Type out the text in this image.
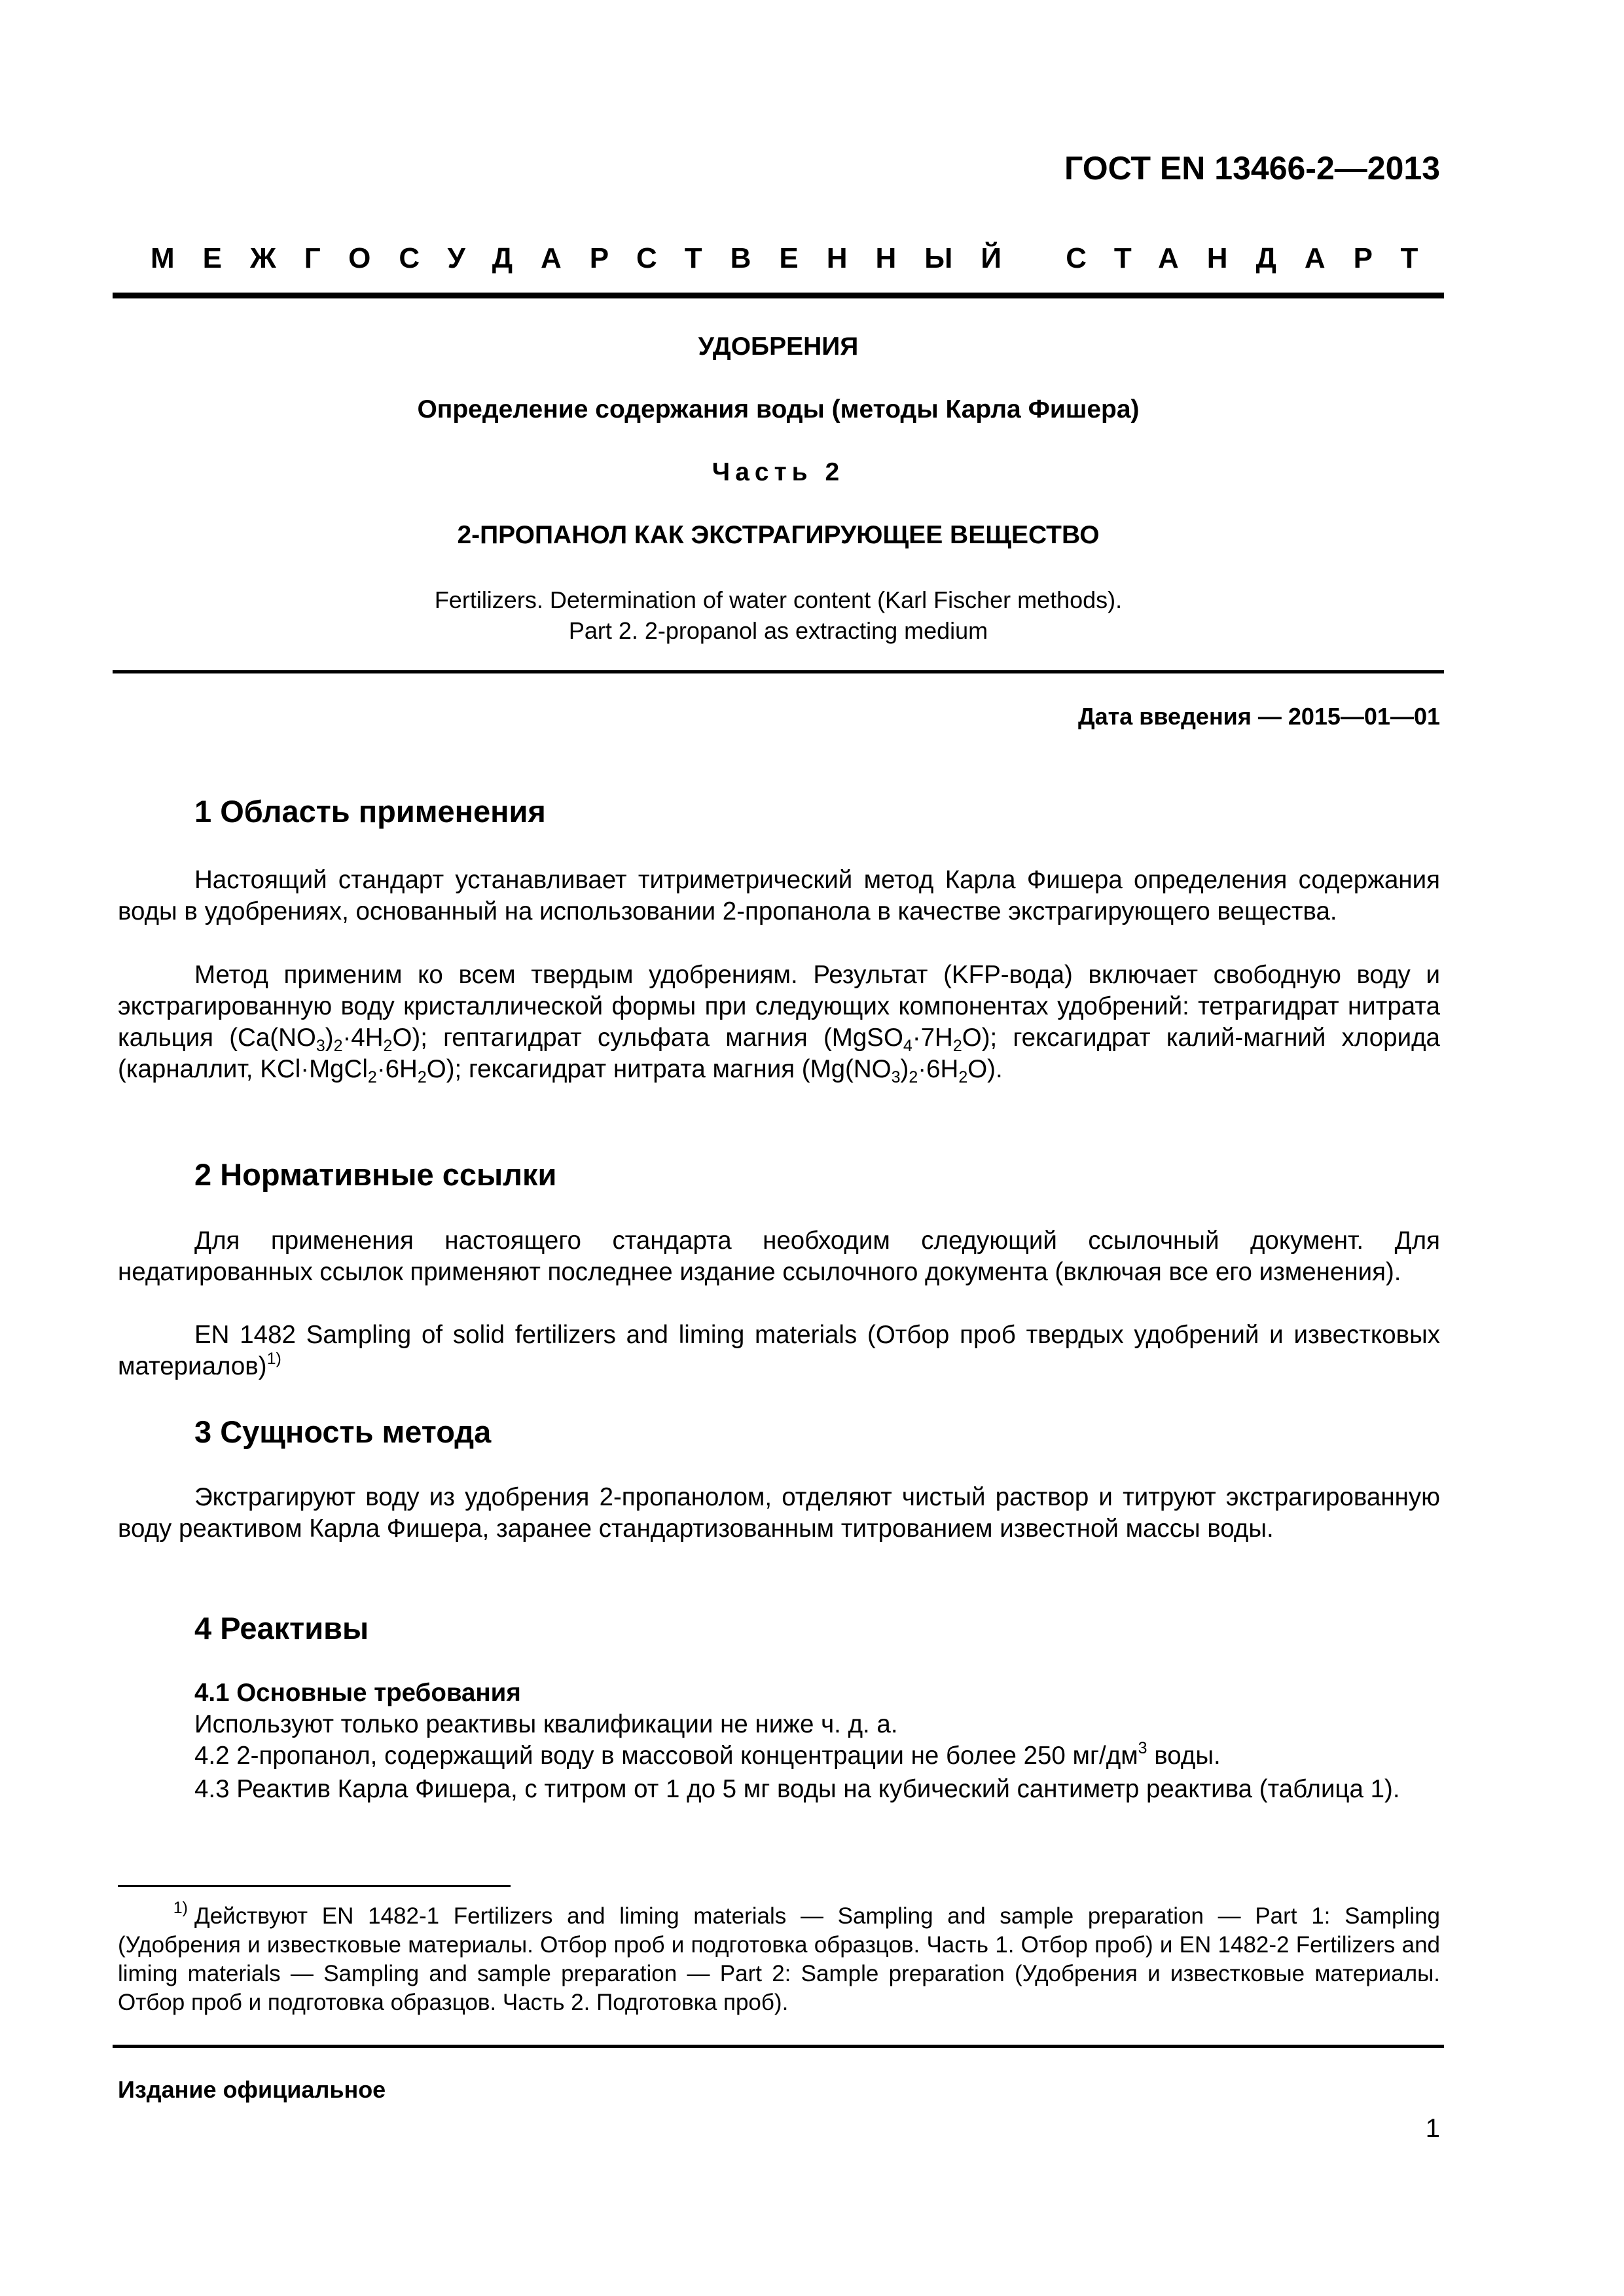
ГОСТ EN 13466-2—2013
МЕЖГОСУДАРСТВЕННЫЙ СТАНДАРТ
УДОБРЕНИЯ
Определение содержания воды (методы Карла Фишера)
Часть 2
2-ПРОПАНОЛ КАК ЭКСТРАГИРУЮЩЕЕ ВЕЩЕСТВО
Fertilizers. Determination of water content (Karl Fischer methods).
Part 2. 2-propanol as extracting medium
Дата введения — 2015—01—01
1 Область применения
Настоящий стандарт устанавливает титриметрический метод Карла Фишера определения содержания воды в удобрениях, основанный на использовании 2-пропанола в качестве экстрагирующего вещества.
Метод применим ко всем твердым удобрениям. Результат (KFP-вода) включает свободную воду и экстрагированную воду кристаллической формы при следующих компонентах удобрений: тетрагидрат нитрата кальция $(Ca(NO_3)_2\cdot 4H_2O)$; гептагидрат сульфата магния $(MgSO_4\cdot 7H_2O)$; гексагидрат калий-магний хлорида (карналлит, $KCl\cdot MgCl_2\cdot 6H_2O$); гексагидрат нитрата магния $(Mg(NO_3)_2\cdot 6H_2O)$.
2 Нормативные ссылки
Для применения настоящего стандарта необходим следующий ссылочный документ. Для недатированных ссылок применяют последнее издание ссылочного документа (включая все его изменения).
EN 1482 Sampling of solid fertilizers and liming materials (Отбор проб твердых удобрений и известковых материалов)$^{1)}$
3 Сущность метода
Экстрагируют воду из удобрения 2-пропанолом, отделяют чистый раствор и титруют экстрагированную воду реактивом Карла Фишера, заранее стандартизованным титрованием известной массы воды.
4 Реактивы
4.1 Основные требования
Используют только реактивы квалификации не ниже ч. д. а.
4.2 2-пропанол, содержащий воду в массовой концентрации не более 250 $мг/дм^3$ воды.
4.3 Реактив Карла Фишера, с титром от 1 до 5 мг воды на кубический сантиметр реактива (таблица 1).
$^{1)}$ Действуют EN 1482-1 Fertilizers and liming materials — Sampling and sample preparation — Part 1: Sampling (Удобрения и известковые материалы. Отбор проб и подготовка образцов. Часть 1. Отбор проб) и EN 1482-2 Fertilizers and liming materials — Sampling and sample preparation — Part 2: Sample preparation (Удобрения и известковые материалы. Отбор проб и подготовка образцов. Часть 2. Подготовка проб).
Издание официальное
1
